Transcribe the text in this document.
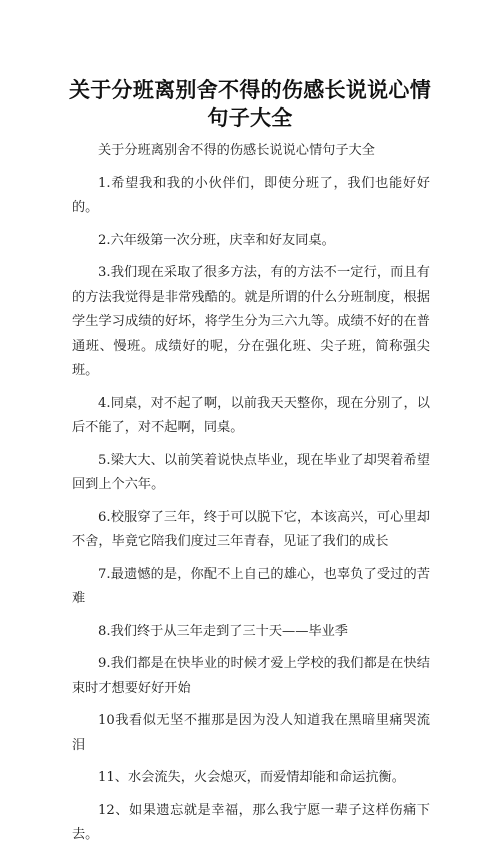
关于分班离别舍不得的伤感长说说心情句子大全

关于分班离别舍不得的伤感长说说心情句子大全

1.希望我和我的小伙伴们，即使分班了，我们也能好好的。

2.六年级第一次分班，庆幸和好友同桌。

3.我们现在采取了很多方法，有的方法不一定行，而且有的方法我觉得是非常残酷的。就是所谓的什么分班制度，根据学生学习成绩的好坏，将学生分为三六九等。成绩不好的在普通班、慢班。成绩好的呢，分在强化班、尖子班，简称强尖班。

4.同桌，对不起了啊，以前我天天整你，现在分别了，以后不能了，对不起啊，同桌。

5.梁大大、以前笑着说快点毕业，现在毕业了却哭着希望回到上个六年。

6.校服穿了三年，终于可以脱下它，本该高兴，可心里却不舍，毕竟它陪我们度过三年青春，见证了我们的成长

7.最遗憾的是，你配不上自己的雄心，也辜负了受过的苦难

8.我们终于从三年走到了三十天——毕业季

9.我们都是在快毕业的时候才爱上学校的我们都是在快结束时才想要好好开始

10我看似无坚不摧那是因为没人知道我在黑暗里痛哭流泪

11、水会流失，火会熄灭，而爱情却能和命运抗衡。

12、如果遗忘就是幸福，那么我宁愿一辈子这样伤痛下去。
